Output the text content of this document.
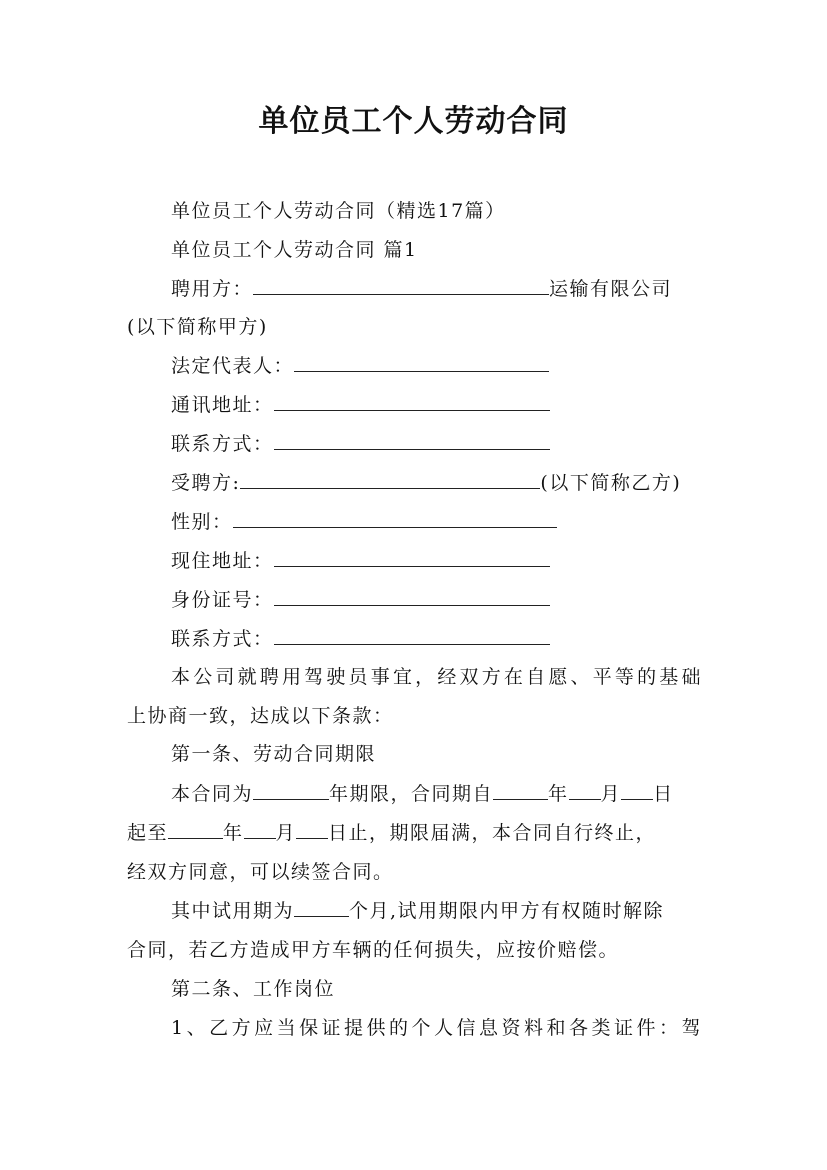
单位员工个人劳动合同
单位员工个人劳动合同（精选17篇）
单位员工个人劳动合同 篇1
聘用方：	运输有限公司
(以下简称甲方)
法定代表人：
通讯地址：
联系方式：
受聘方:	(以下简称乙方)
性别：
现住地址：
身份证号：
联系方式：
本公司就聘用驾驶员事宜，经双方在自愿、平等的基础
上协商一致，达成以下条款：
第一条、劳动合同期限
本合同为	年期限，合同期自	年 月 日
起至	年 月 日止，期限届满，本合同自行终止，
经双方同意，可以续签合同。
其中试用期为	个月,试用期限内甲方有权随时解除
合同，若乙方造成甲方车辆的任何损失，应按价赔偿。
第二条、工作岗位
1、乙方应当保证提供的个人信息资料和各类证件：驾
